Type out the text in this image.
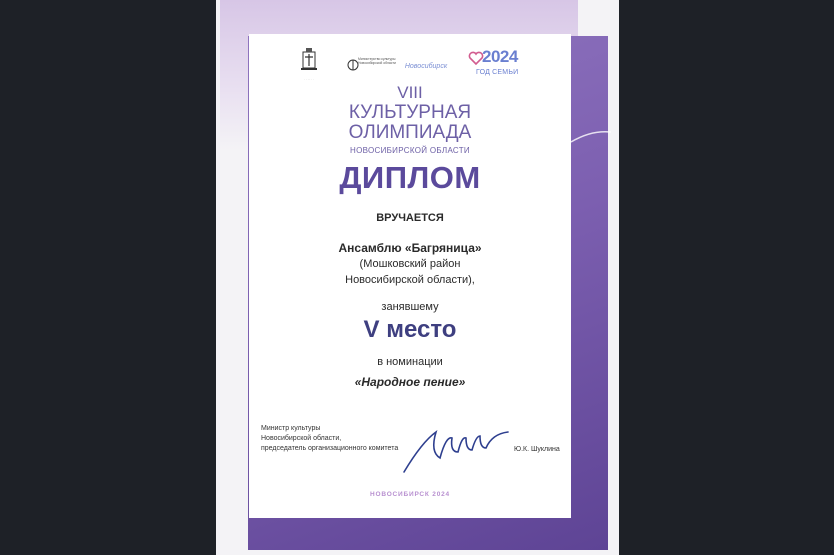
· · · · · ·
Министерство культуры Новосибирской области	Новосибирск
2024
ГОД СЕМЬИ

VIII

КУЛЬТУРНАЯ

ОЛИМПИАДА

НОВОСИБИРСКОЙ ОБЛАСТИ

ДИПЛОМ

ВРУЧАЕТСЯ

Ансамблю «Багряница»

(Мошковский район

Новосибирской области),

занявшему

V место

в номинации

«Народное пение»

Министр культуры
Новосибирской области,
председатель организационного комитета	Ю.К. Шуклина
НОВОСИБИРСК 2024
